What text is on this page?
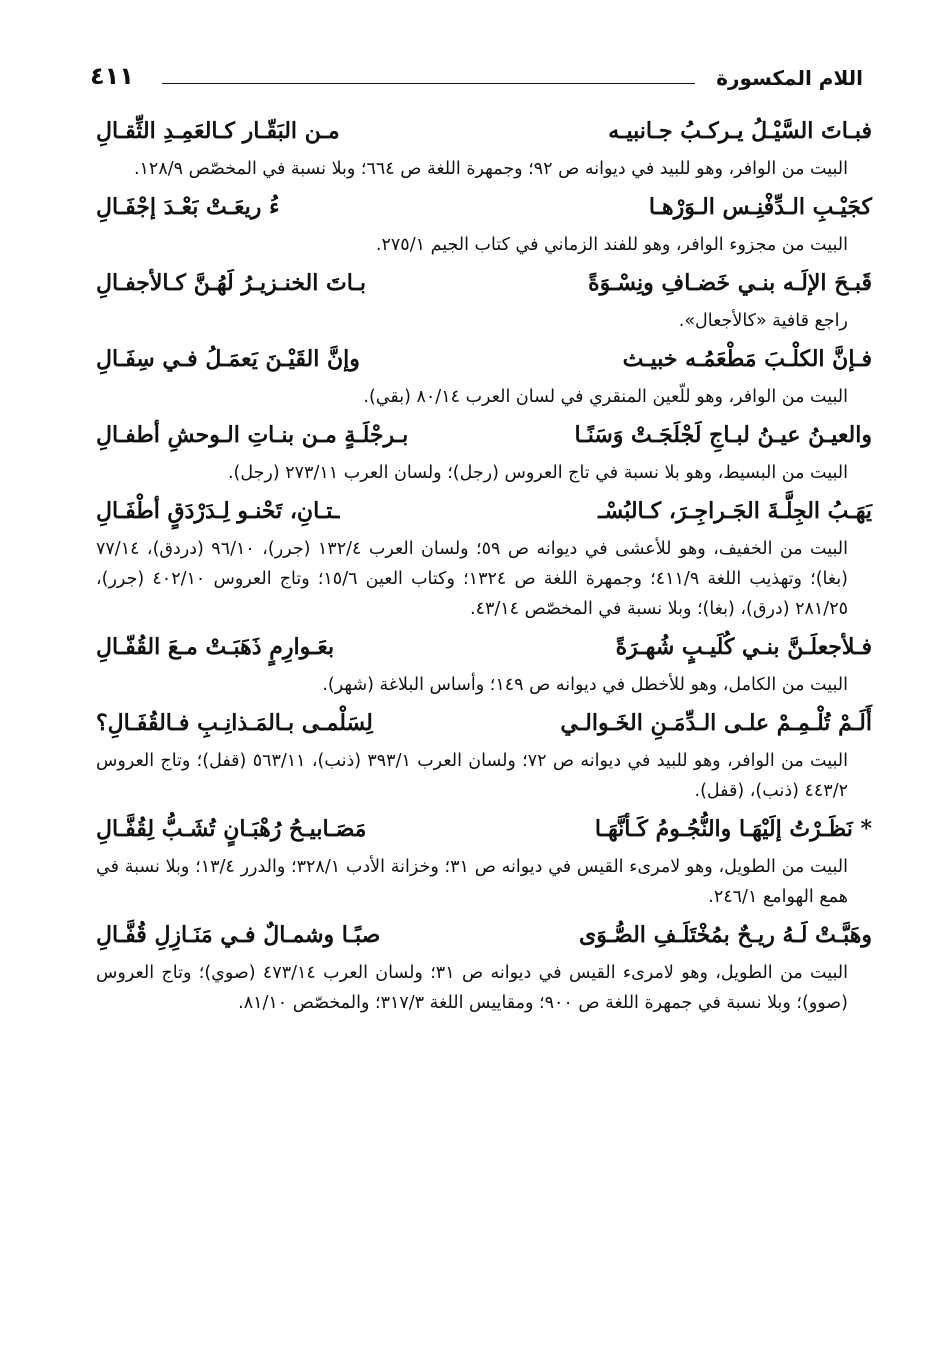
اللام المكسورة
٤١١
فبـاتَ السَّيْـلُ يـركـبُ جـانبيـه
مـن البَقّـار كـالعَمِـدِ الثِّقـالِ
البيت من الوافر، وهو للبيد في ديوانه ص ٩٢؛ وجمهرة اللغة ص ٦٦٤؛ وبلا نسبة في المخصّص ١٢٨/٩.
كجَيْـبِ الـدِّفْنِـس الـوَرْهـا
ءُ ريعَـتْ بَعْـدَ إجْفَـالِ
البيت من مجزوء الوافر، وهو للفند الزماني في كتاب الجيم ٢٧٥/١.
قَبـحَ الإلَـه بنـي خَضـافِ ونِسْـوَةً
بـاتَ الخنـزيـرُ لَهُـنَّ كـالأجفـالِ
راجع قافية «كالأجعال».
فـإنَّ الكلْـبَ مَطْعَمُـه خبيـث
وإنَّ القَيْـنَ يَعمَـلُ فـي سِفَـالِ
البيت من الوافر، وهو للّعين المنقري في لسان العرب ٨٠/١٤ (بقي).
والعيـنُ عيـنُ لبـاجِ لَجْلَجَـتْ وَسَنًـا
بـرجْلَـةٍ مـن بنـاتِ الـوحشِ أطفـالِ
البيت من البسيط، وهو بلا نسبة في تاج العروس (رجل)؛ ولسان العرب ٢٧٣/١١ (رجل).
يَهَـبُ الجِلَّـةَ الجَـراجِـرَ، كـالبُسْـ
ـتـانِ، تَحْنـو لِـدَرْدَقٍ أطْفَـالِ
البيت من الخفيف، وهو للأعشى في ديوانه ص ٥٩؛ ولسان العرب ١٣٢/٤ (جرر)، ٩٦/١٠ (دردق)، ٧٧/١٤ (بغا)؛ وتهذيب اللغة ٤١١/٩؛ وجمهرة اللغة ص ١٣٢٤؛ وكتاب العين ١٥/٦؛ وتاج العروس ٤٠٢/١٠ (جرر)، ٢٨١/٢٥ (درق)، (بغا)؛ وبلا نسبة في المخصّص ٤٣/١٤.
فـلأجعلَـنَّ بنـي كُلَيـبٍ شُهـرَةً
بعَـوارِمٍ ذَهَبَـتْ مـعَ القُفّـالِ
البيت من الكامل، وهو للأخطل في ديوانه ص ١٤٩؛ وأساس البلاغة (شهر).
أَلَـمْ تُلْـمِـمْ علـى الـدِّمَـنِ الخَـوالـي
لِسَلْمـى بـالمَـذانِـبِ فـالقُفَـالِ؟
البيت من الوافر، وهو للبيد في ديوانه ص ٧٢؛ ولسان العرب ٣٩٣/١ (ذنب)، ٥٦٣/١١ (قفل)؛ وتاج العروس ٤٤٣/٢ (ذنب)، (قفل).
* نَظَـرْتُ إلَيْهَـا والنُّجُـومُ كَـأنَّهَـا
مَصَـابيـحُ رُهْبَـانٍ تُشَـبُّ لِقُفَّـالِ
البيت من الطويل، وهو لامرىء القيس في ديوانه ص ٣١؛ وخزانة الأدب ٣٢٨/١؛ والدرر ١٣/٤؛ وبلا نسبة في همع الهوامع ٢٤٦/١.
وهَبَّـتْ لَـهُ ريـحٌ بمُخْتَلَـفِ الصُّـوَى
صبًـا وشمـالٌ فـي مَنَـازِلِ قُفَّـالِ
البيت من الطويل، وهو لامرىء القيس في ديوانه ص ٣١؛ ولسان العرب ٤٧٣/١٤ (صوي)؛ وتاج العروس (صوو)؛ وبلا نسبة في جمهرة اللغة ص ٩٠٠؛ ومقاييس اللغة ٣١٧/٣؛ والمخصّص ٨١/١٠.
